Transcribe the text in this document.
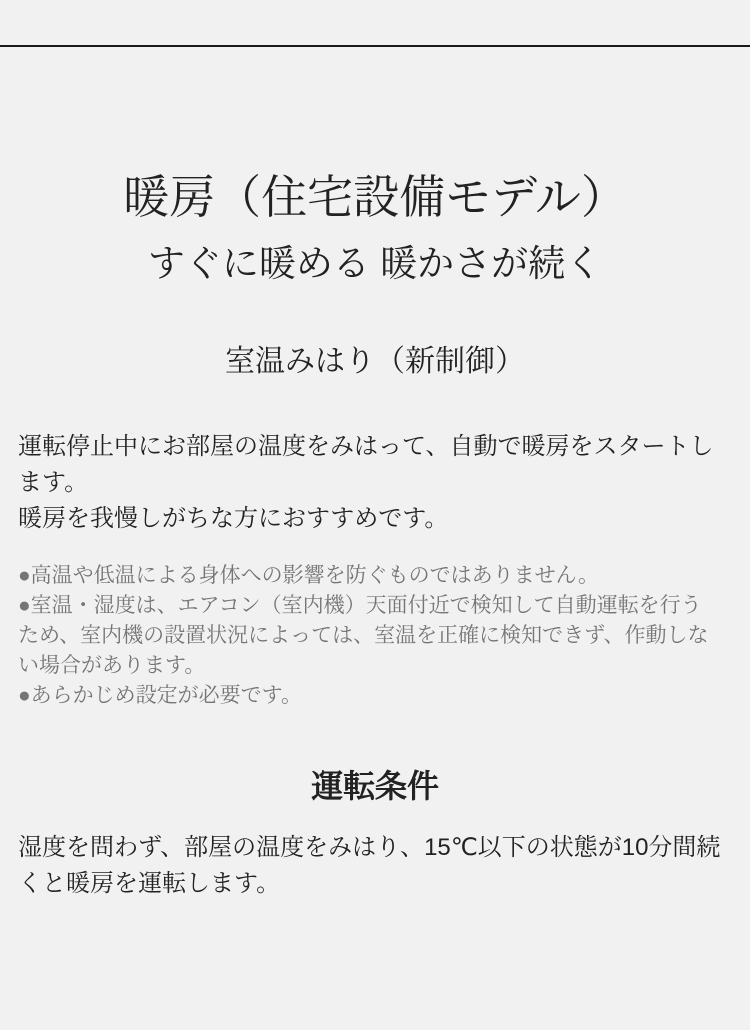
暖房（住宅設備モデル）
すぐに暖める 暖かさが続く
室温みはり（新制御）
運転停止中にお部屋の温度をみはって、自動で暖房をスタートし
ます。
暖房を我慢しがちな方におすすめです。
●高温や低温による身体への影響を防ぐものではありません。
●室温・湿度は、エアコン（室内機）天面付近で検知して自動運転を行う
ため、室内機の設置状況によっては、室温を正確に検知できず、作動しな
い場合があります。
●あらかじめ設定が必要です。
運転条件
湿度を問わず、部屋の温度をみはり、15℃以下の状態が10分間続
くと暖房を運転します。
